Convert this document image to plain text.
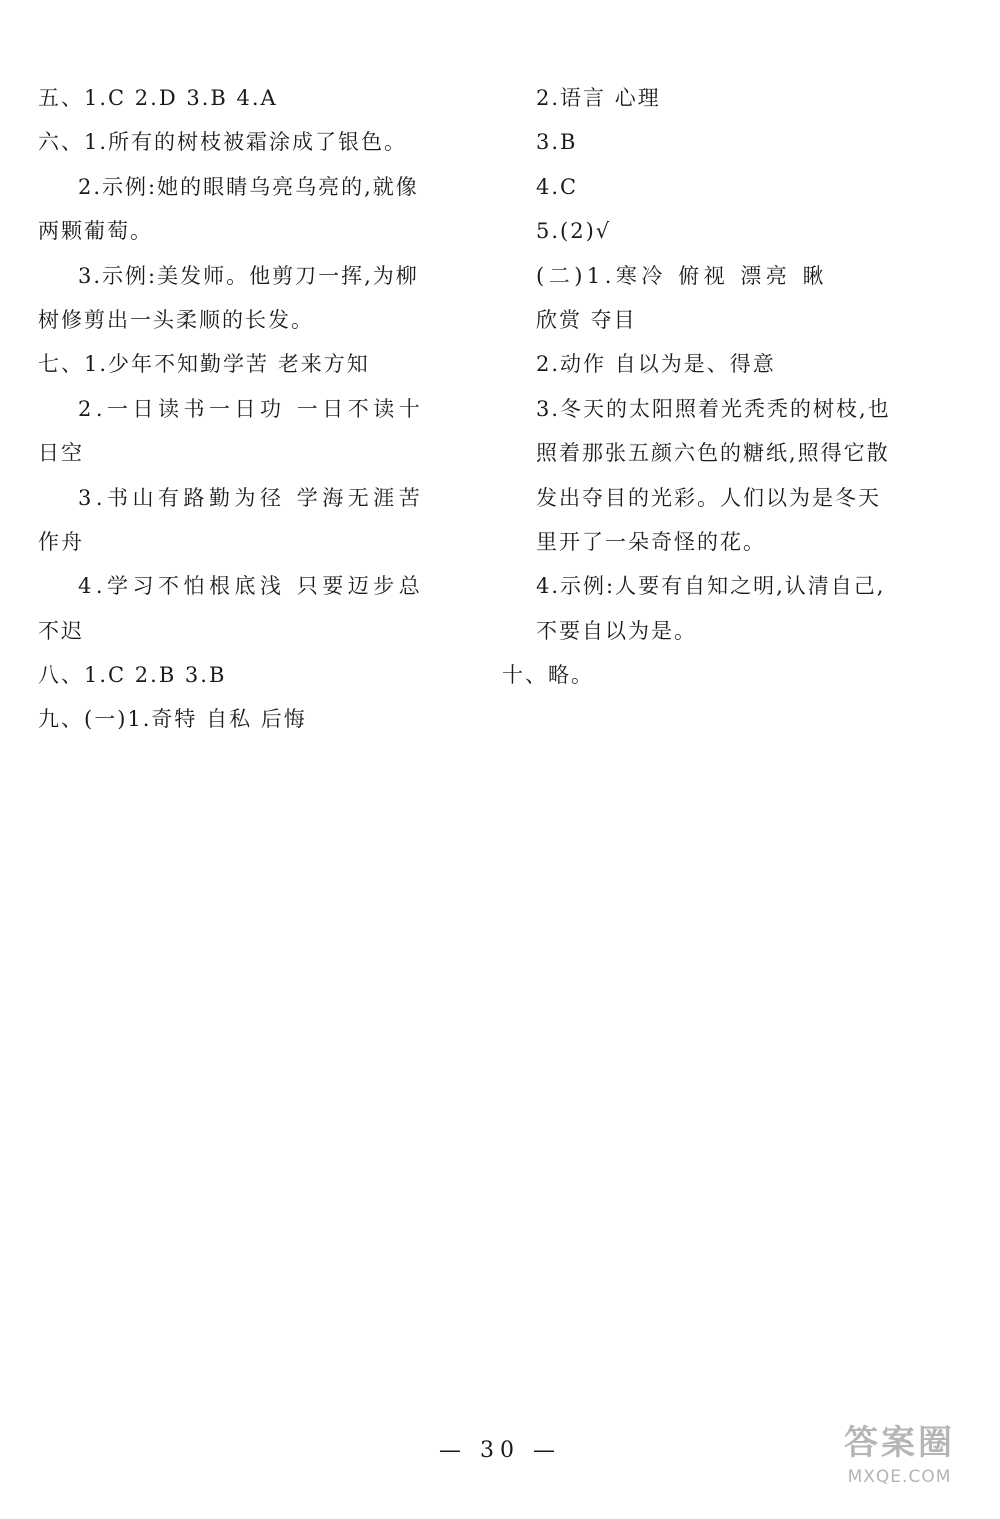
五、1.C 2.D 3.B 4.A
六、1.所有的树枝被霜涂成了银色。
2.示例:她的眼睛乌亮乌亮的,就像
两颗葡萄。
3.示例:美发师。他剪刀一挥,为柳
树修剪出一头柔顺的长发。
七、1.少年不知勤学苦 老来方知
2.一日读书一日功 一日不读十
日空
3.书山有路勤为径 学海无涯苦
作舟
4.学习不怕根底浅 只要迈步总
不迟
八、1.C 2.B 3.B
九、(一)1.奇特 自私 后悔
2.语言 心理
3.B
4.C
5.(2)√
(二)1.寒冷 俯视 漂亮 瞅
欣赏 夺目
2.动作 自以为是、得意
3.冬天的太阳照着光秃秃的树枝,也
照着那张五颜六色的糖纸,照得它散
发出夺目的光彩。人们以为是冬天
里开了一朵奇怪的花。
4.示例:人要有自知之明,认清自己,
不要自以为是。
十、略。
— 30 —	答案圈
MXQE.COM
